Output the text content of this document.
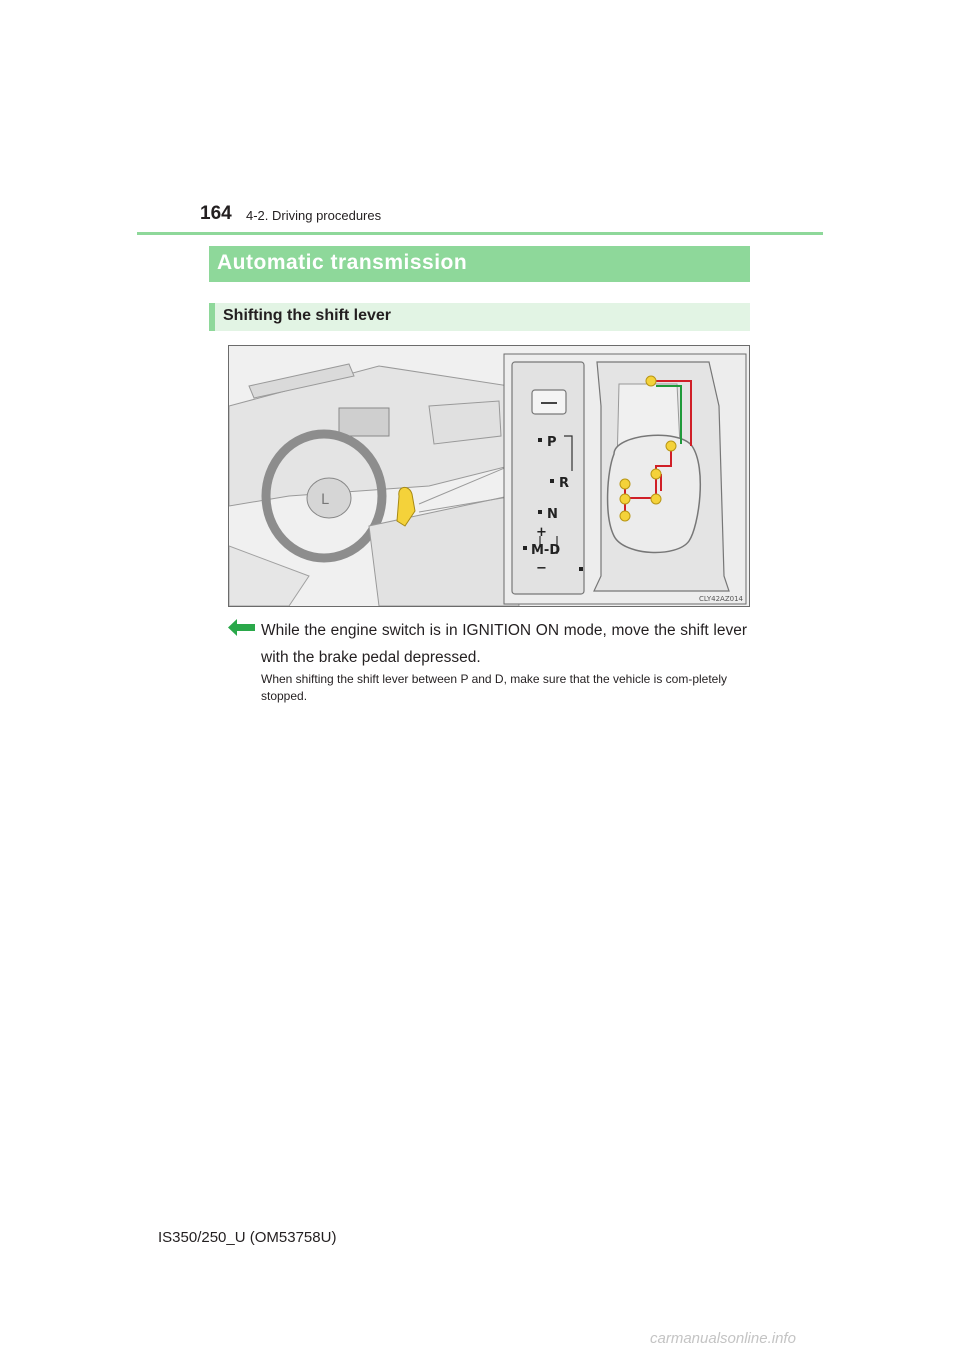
164 4-2. Driving procedures
Automatic transmission
Shifting the shift lever
L
P
R
N
+
M-D
−
CLY42AZ014
While the engine switch is in IGNITION ON mode, move the shift lever with the brake pedal depressed.
When shifting the shift lever between P and D, make sure that the vehicle is com-pletely stopped.
IS350/250_U (OM53758U)
carmanualsonline.info
